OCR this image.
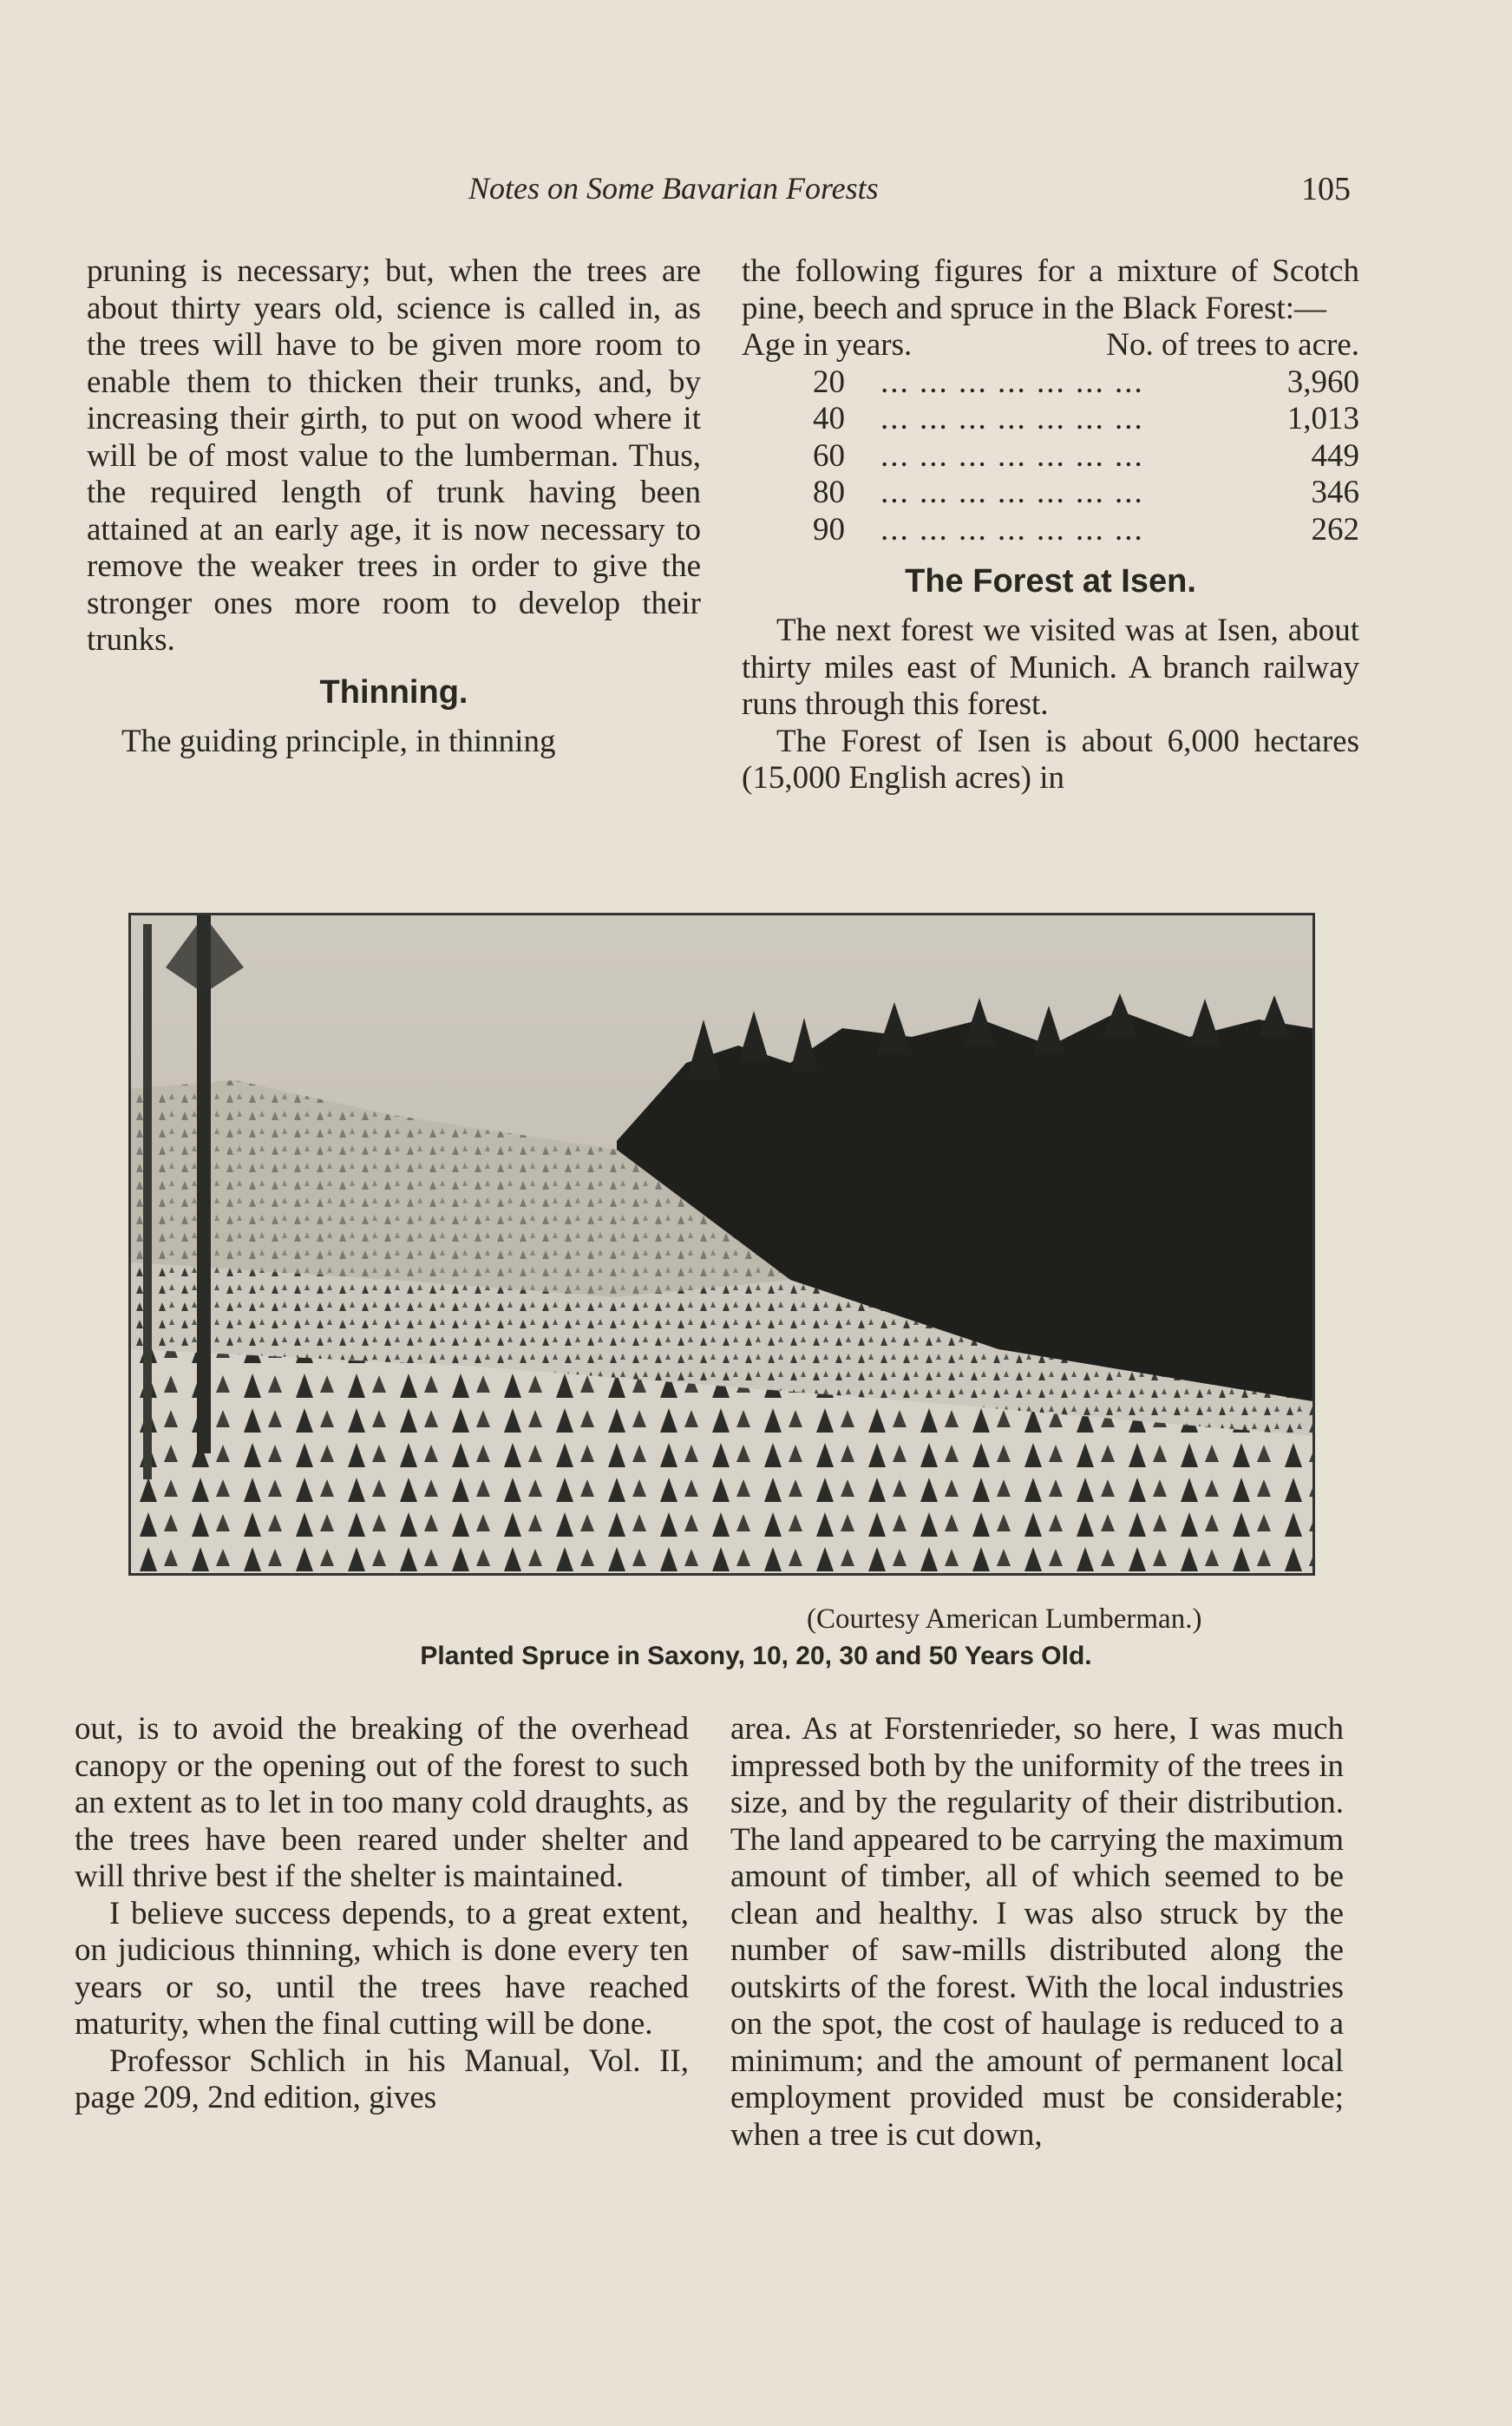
Notes on Some Bavarian Forests	105

pruning is necessary; but, when the trees are about thirty years old, science is called in, as the trees will have to be given more room to enable them to thicken their trunks, and, by increasing their girth, to put on wood where it will be of most value to the lumberman. Thus, the required length of trunk having been attained at an early age, it is now necessary to remove the weaker trees in order to give the stronger ones more room to develop their trunks.

Thinning.

The guiding principle, in thinning

the following figures for a mixture of Scotch pine, beech and spruce in the Black Forest:—

Age in years.	No. of trees to acre.
20	... ... ... ... ... ... ...	3,960
40	... ... ... ... ... ... ...	1,013
60	... ... ... ... ... ... ...	449
80	... ... ... ... ... ... ...	346
90	... ... ... ... ... ... ...	262
The Forest at Isen.

The next forest we visited was at Isen, about thirty miles east of Munich. A branch railway runs through this forest.

The Forest of Isen is about 6,000 hectares (15,000 English acres) in

(Courtesy American Lumberman.)
Planted Spruce in Saxony, 10, 20, 30 and 50 Years Old.

out, is to avoid the breaking of the overhead canopy or the opening out of the forest to such an extent as to let in too many cold draughts, as the trees have been reared under shelter and will thrive best if the shelter is maintained.

I believe success depends, to a great extent, on judicious thinning, which is done every ten years or so, until the trees have reached maturity, when the final cutting will be done.

Professor Schlich in his Manual, Vol. II, page 209, 2nd edition, gives

area. As at Forstenrieder, so here, I was much impressed both by the uniformity of the trees in size, and by the regularity of their distribution. The land appeared to be carrying the maximum amount of timber, all of which seemed to be clean and healthy. I was also struck by the number of saw-mills distributed along the outskirts of the forest. With the local industries on the spot, the cost of haulage is reduced to a minimum; and the amount of permanent local employment provided must be considerable; when a tree is cut down,
